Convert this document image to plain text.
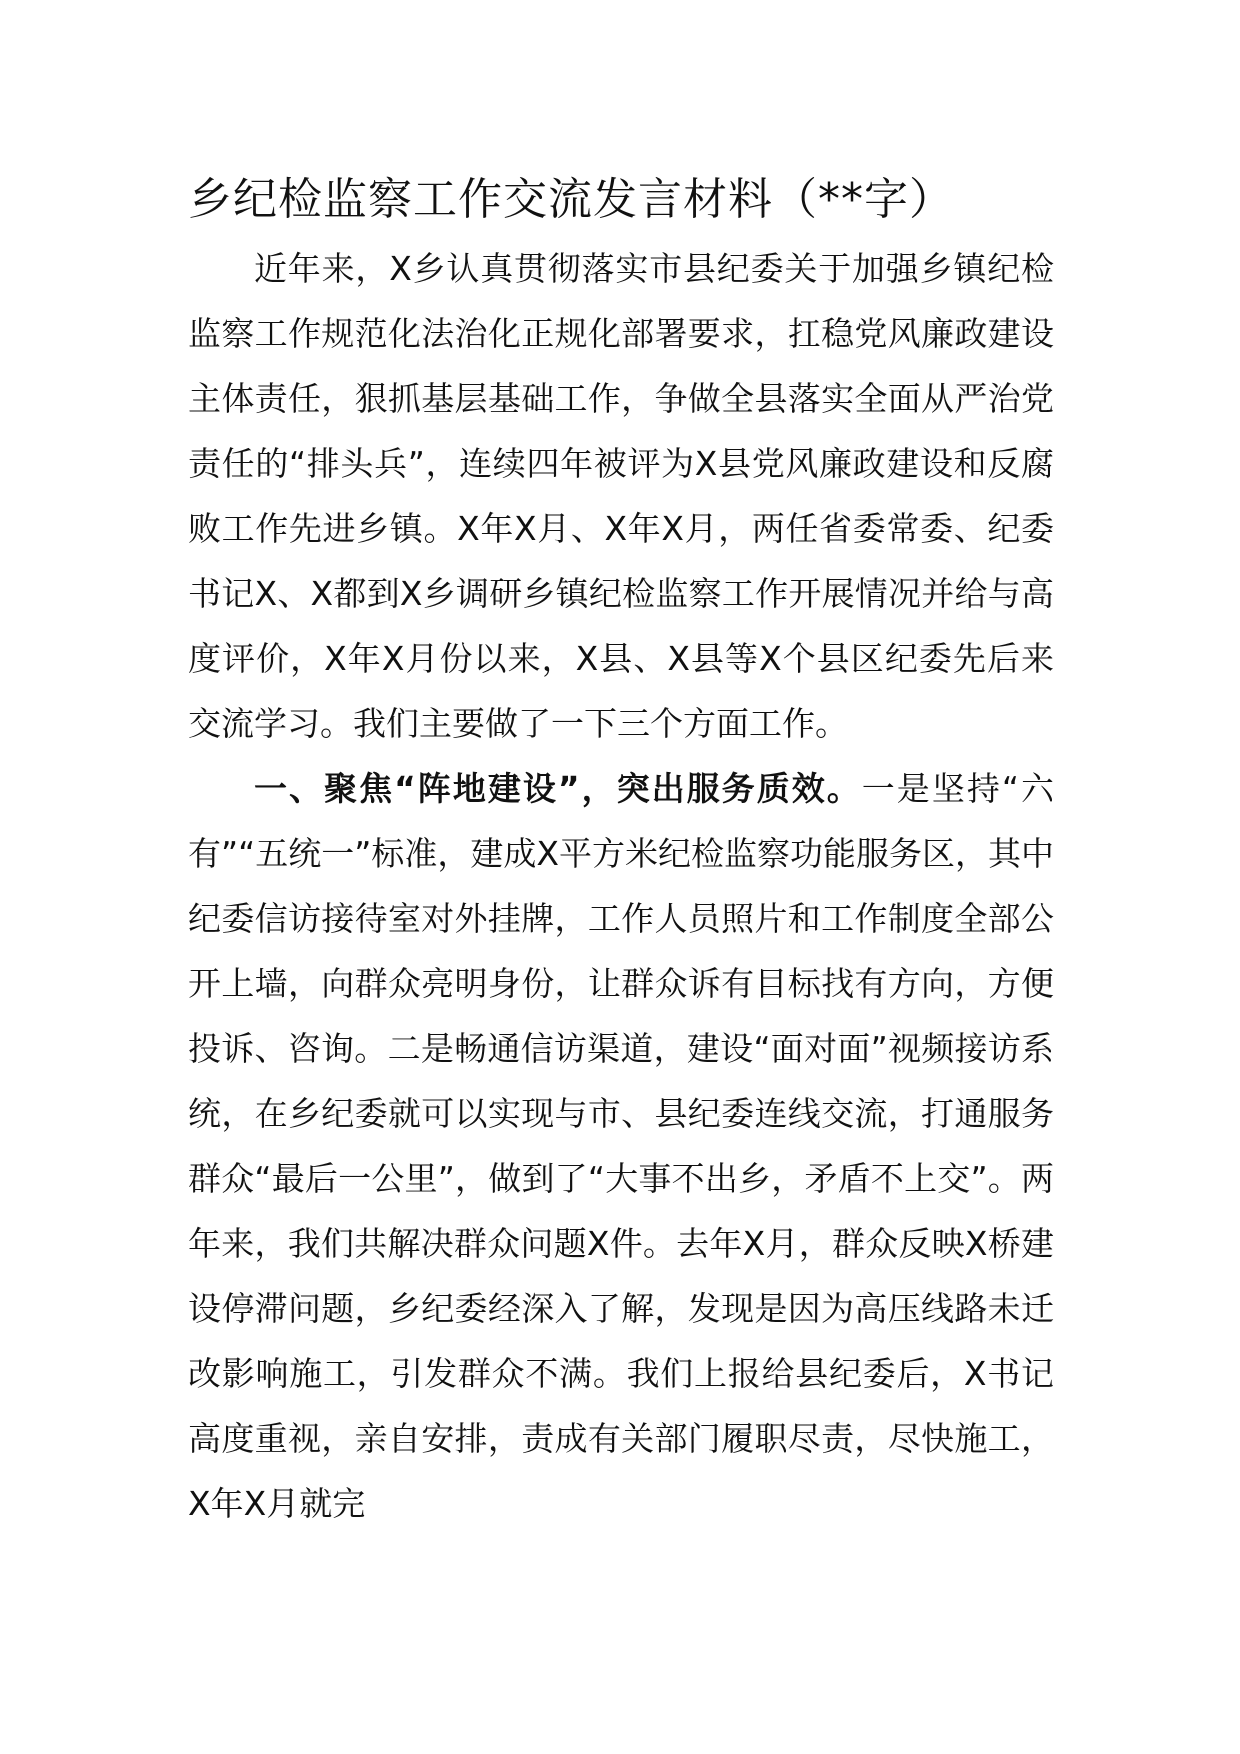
乡纪检监察工作交流发言材料（**字）

近年来，X乡认真贯彻落实市县纪委关于加强乡镇纪检监察工作规范化法治化正规化部署要求，扛稳党风廉政建设主体责任，狠抓基层基础工作，争做全县落实全面从严治党责任的“排头兵”，连续四年被评为X县党风廉政建设和反腐败工作先进乡镇。X年X月、X年X月，两任省委常委、纪委书记X、X都到X乡调研乡镇纪检监察工作开展情况并给与高度评价，X年X月份以来，X县、X县等X个县区纪委先后来交流学习。我们主要做了一下三个方面工作。

一、聚焦“阵地建设”，突出服务质效。一是坚持“六有”“五统一”标准，建成X平方米纪检监察功能服务区，其中纪委信访接待室对外挂牌，工作人员照片和工作制度全部公开上墙，向群众亮明身份，让群众诉有目标找有方向，方便投诉、咨询。二是畅通信访渠道，建设“面对面”视频接访系统，在乡纪委就可以实现与市、县纪委连线交流，打通服务群众“最后一公里”，做到了“大事不出乡，矛盾不上交”。两年来，我们共解决群众问题X件。去年X月，群众反映X桥建设停滞问题，乡纪委经深入了解，发现是因为高压线路未迁改影响施工，引发群众不满。我们上报给县纪委后，X书记高度重视，亲自安排，责成有关部门履职尽责，尽快施工，X年X月就完
